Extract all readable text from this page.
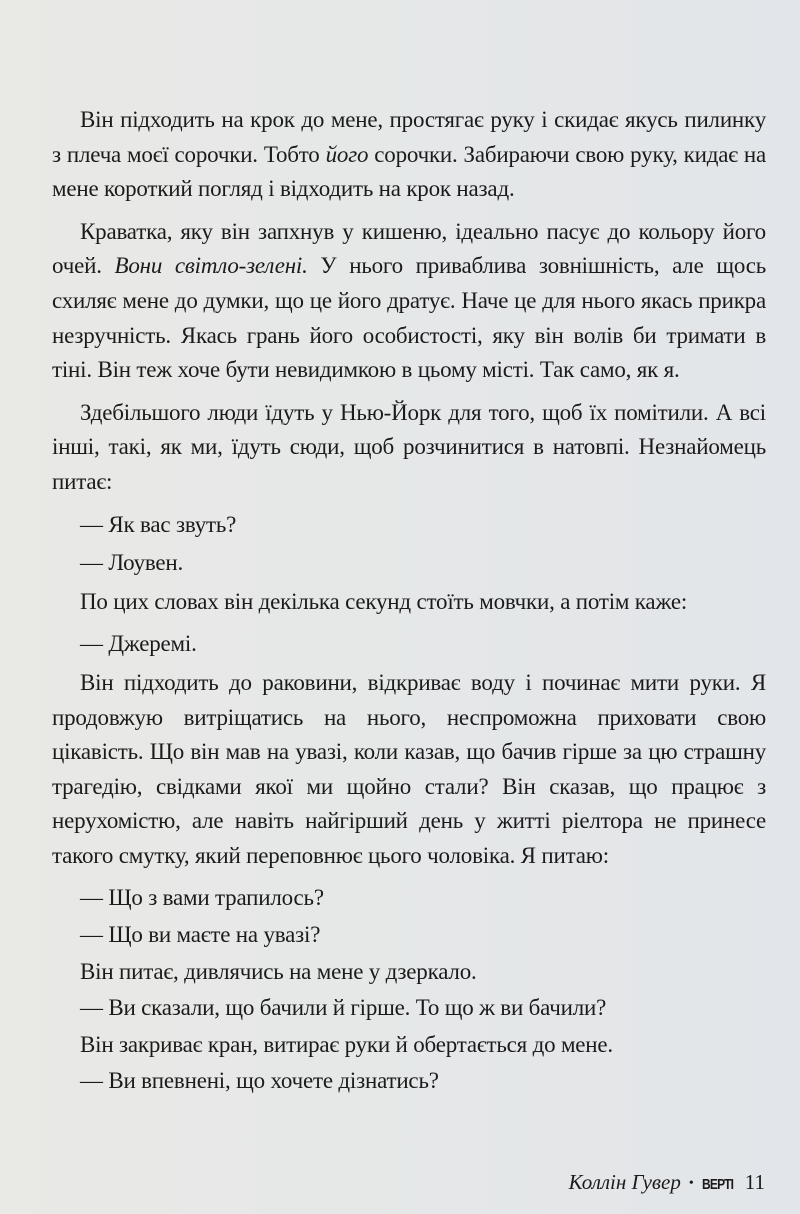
Він підходить на крок до мене, простягає руку і скидає якусь пилинку з плеча моєї сорочки. Тобто його сорочки. Забираючи свою руку, кидає на мене короткий погляд і відходить на крок назад.

Краватка, яку він запхнув у кишеню, ідеально пасує до кольору його очей. Вони світло-зелені. У нього приваблива зовнішність, але щось схиляє мене до думки, що це його дратує. Наче це для нього якась прикра незручність. Якась грань його особистості, яку він волів би тримати в тіні. Він теж хоче бути невидимкою в цьому місті. Так само, як я.

Здебільшого люди їдуть у Нью-Йорк для того, щоб їх помітили. А всі інші, такі, як ми, їдуть сюди, щоб розчинитися в натовпі. Незнайомець питає:

— Як вас звуть?

— Лоувен.

По цих словах він декілька секунд стоїть мовчки, а потім каже:

— Джеремі.

Він підходить до раковини, відкриває воду і починає мити руки. Я продовжую витріщатись на нього, неспроможна приховати свою цікавість. Що він мав на увазі, коли казав, що бачив гірше за цю страшну трагедію, свідками якої ми щойно стали? Він сказав, що працює з нерухомістю, але навіть найгірший день у житті ріелтора не принесе такого смутку, який переповнює цього чоловіка. Я питаю:

— Що з вами трапилось?

— Що ви маєте на увазі?

Він питає, дивлячись на мене у дзеркало.

— Ви сказали, що бачили й гірше. То що ж ви бачили?

Він закриває кран, витирає руки й обертається до мене.

— Ви впевнені, що хочете дізнатись?

Коллін Гувер • ВЕРТІ 11
